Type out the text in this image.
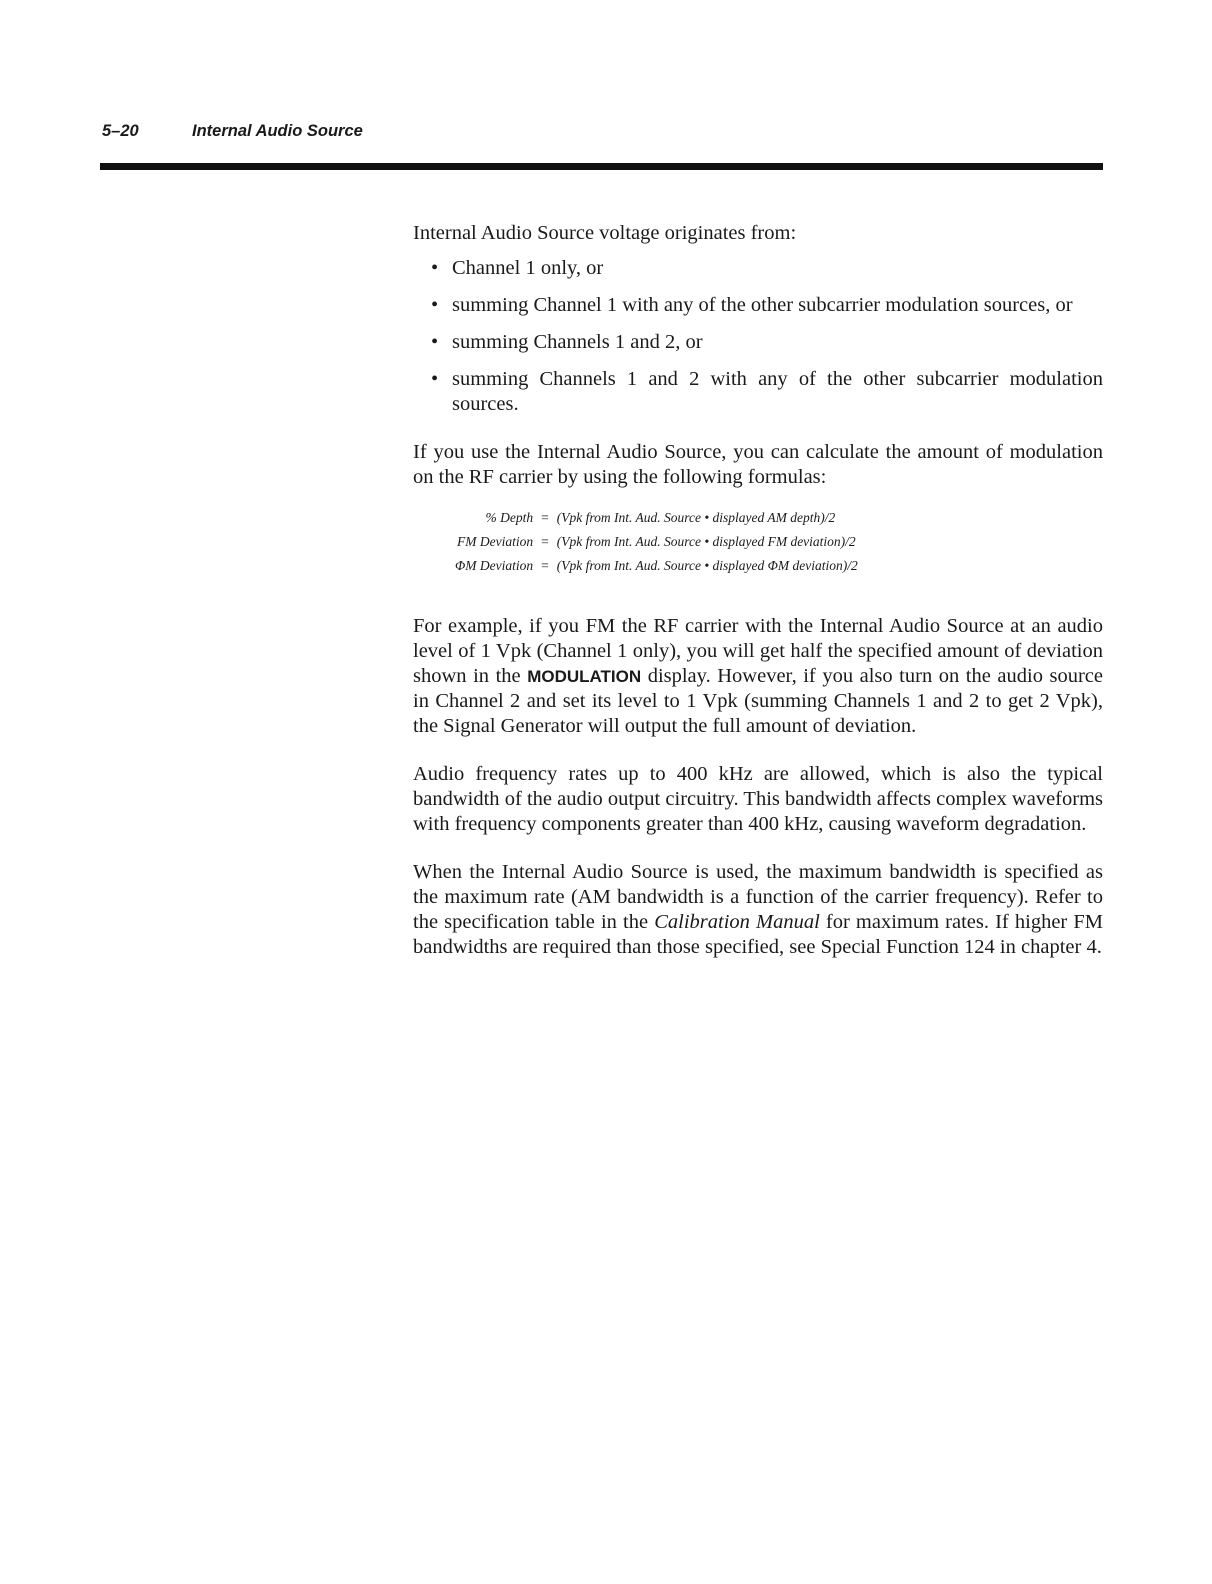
5–20	Internal Audio Source

Internal Audio Source voltage originates from:

• Channel 1 only, or
• summing Channel 1 with any of the other subcarrier modulation sources, or
• summing Channels 1 and 2, or
• summing Channels 1 and 2 with any of the other subcarrier modulation sources.

If you use the Internal Audio Source, you can calculate the amount of modulation on the RF carrier by using the following formulas:

% Depth	=	(Vpk from Int. Aud. Source • displayed AM depth)/2
FM Deviation	=	(Vpk from Int. Aud. Source • displayed FM deviation)/2
ΦM Deviation	=	(Vpk from Int. Aud. Source • displayed ΦM deviation)/2

For example, if you FM the RF carrier with the Internal Audio Source at an audio level of 1 Vpk (Channel 1 only), you will get half the specified amount of deviation shown in the MODULATION display. However, if you also turn on the audio source in Channel 2 and set its level to 1 Vpk (summing Channels 1 and 2 to get 2 Vpk), the Signal Generator will output the full amount of deviation.

Audio frequency rates up to 400 kHz are allowed, which is also the typical bandwidth of the audio output circuitry. This bandwidth affects complex waveforms with frequency components greater than 400 kHz, causing waveform degradation.

When the Internal Audio Source is used, the maximum bandwidth is specified as the maximum rate (AM bandwidth is a function of the carrier frequency). Refer to the specification table in the Calibration Manual for maximum rates. If higher FM bandwidths are required than those specified, see Special Function 124 in chapter 4.
